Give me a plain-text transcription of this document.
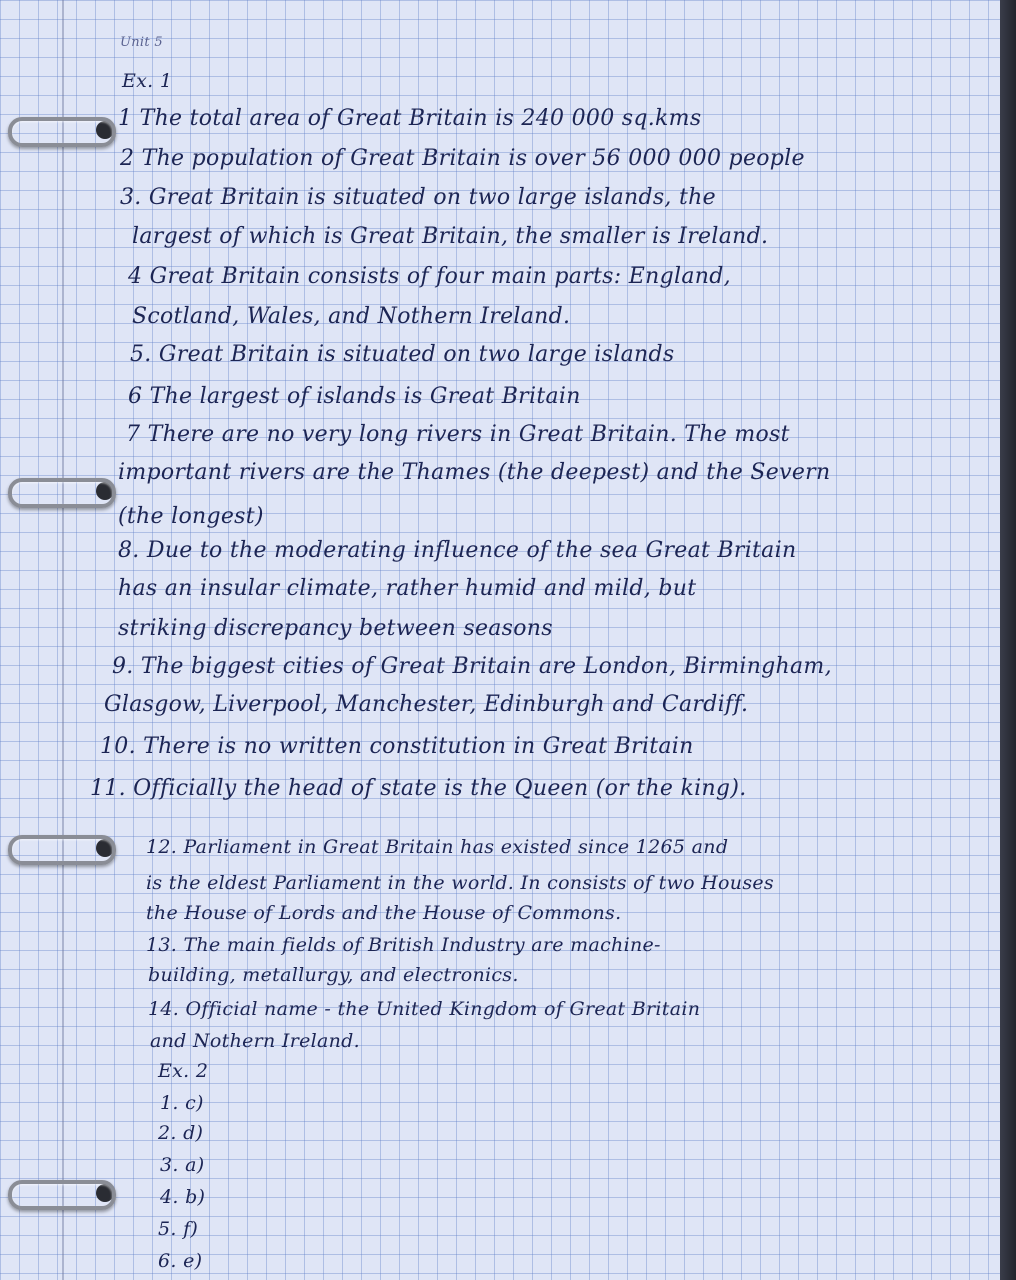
Unit 5
Ex. 1
1 The total area of Great Britain is 240 000 sq.kms
2 The population of Great Britain is over 56 000 000 people
3. Great Britain is situated on two large islands, the
largest of which is Great Britain, the smaller is Ireland.
4 Great Britain consists of four main parts: England,
Scotland, Wales, and Nothern Ireland.
5. Great Britain is situated on two large islands
6 The largest of islands is Great Britain
7 There are no very long rivers in Great Britain. The most
important rivers are the Thames (the deepest) and the Severn
(the longest)
8. Due to the moderating influence of the sea Great Britain
has an insular climate, rather humid and mild, but
striking discrepancy between seasons
9. The biggest cities of Great Britain are London, Birmingham,
Glasgow, Liverpool, Manchester, Edinburgh and Cardiff.
10. There is no written constitution in Great Britain
11. Officially the head of state is the Queen (or the king).
12. Parliament in Great Britain has existed since 1265 and
is the eldest Parliament in the world. In consists of two Houses
the House of Lords and the House of Commons.
13. The main fields of British Industry are machine-
building, metallurgy, and electronics.
14. Official name - the United Kingdom of Great Britain
and Nothern Ireland.
Ex. 2
1. c)
2. d)
3. a)
4. b)
5. f)
6. e)
